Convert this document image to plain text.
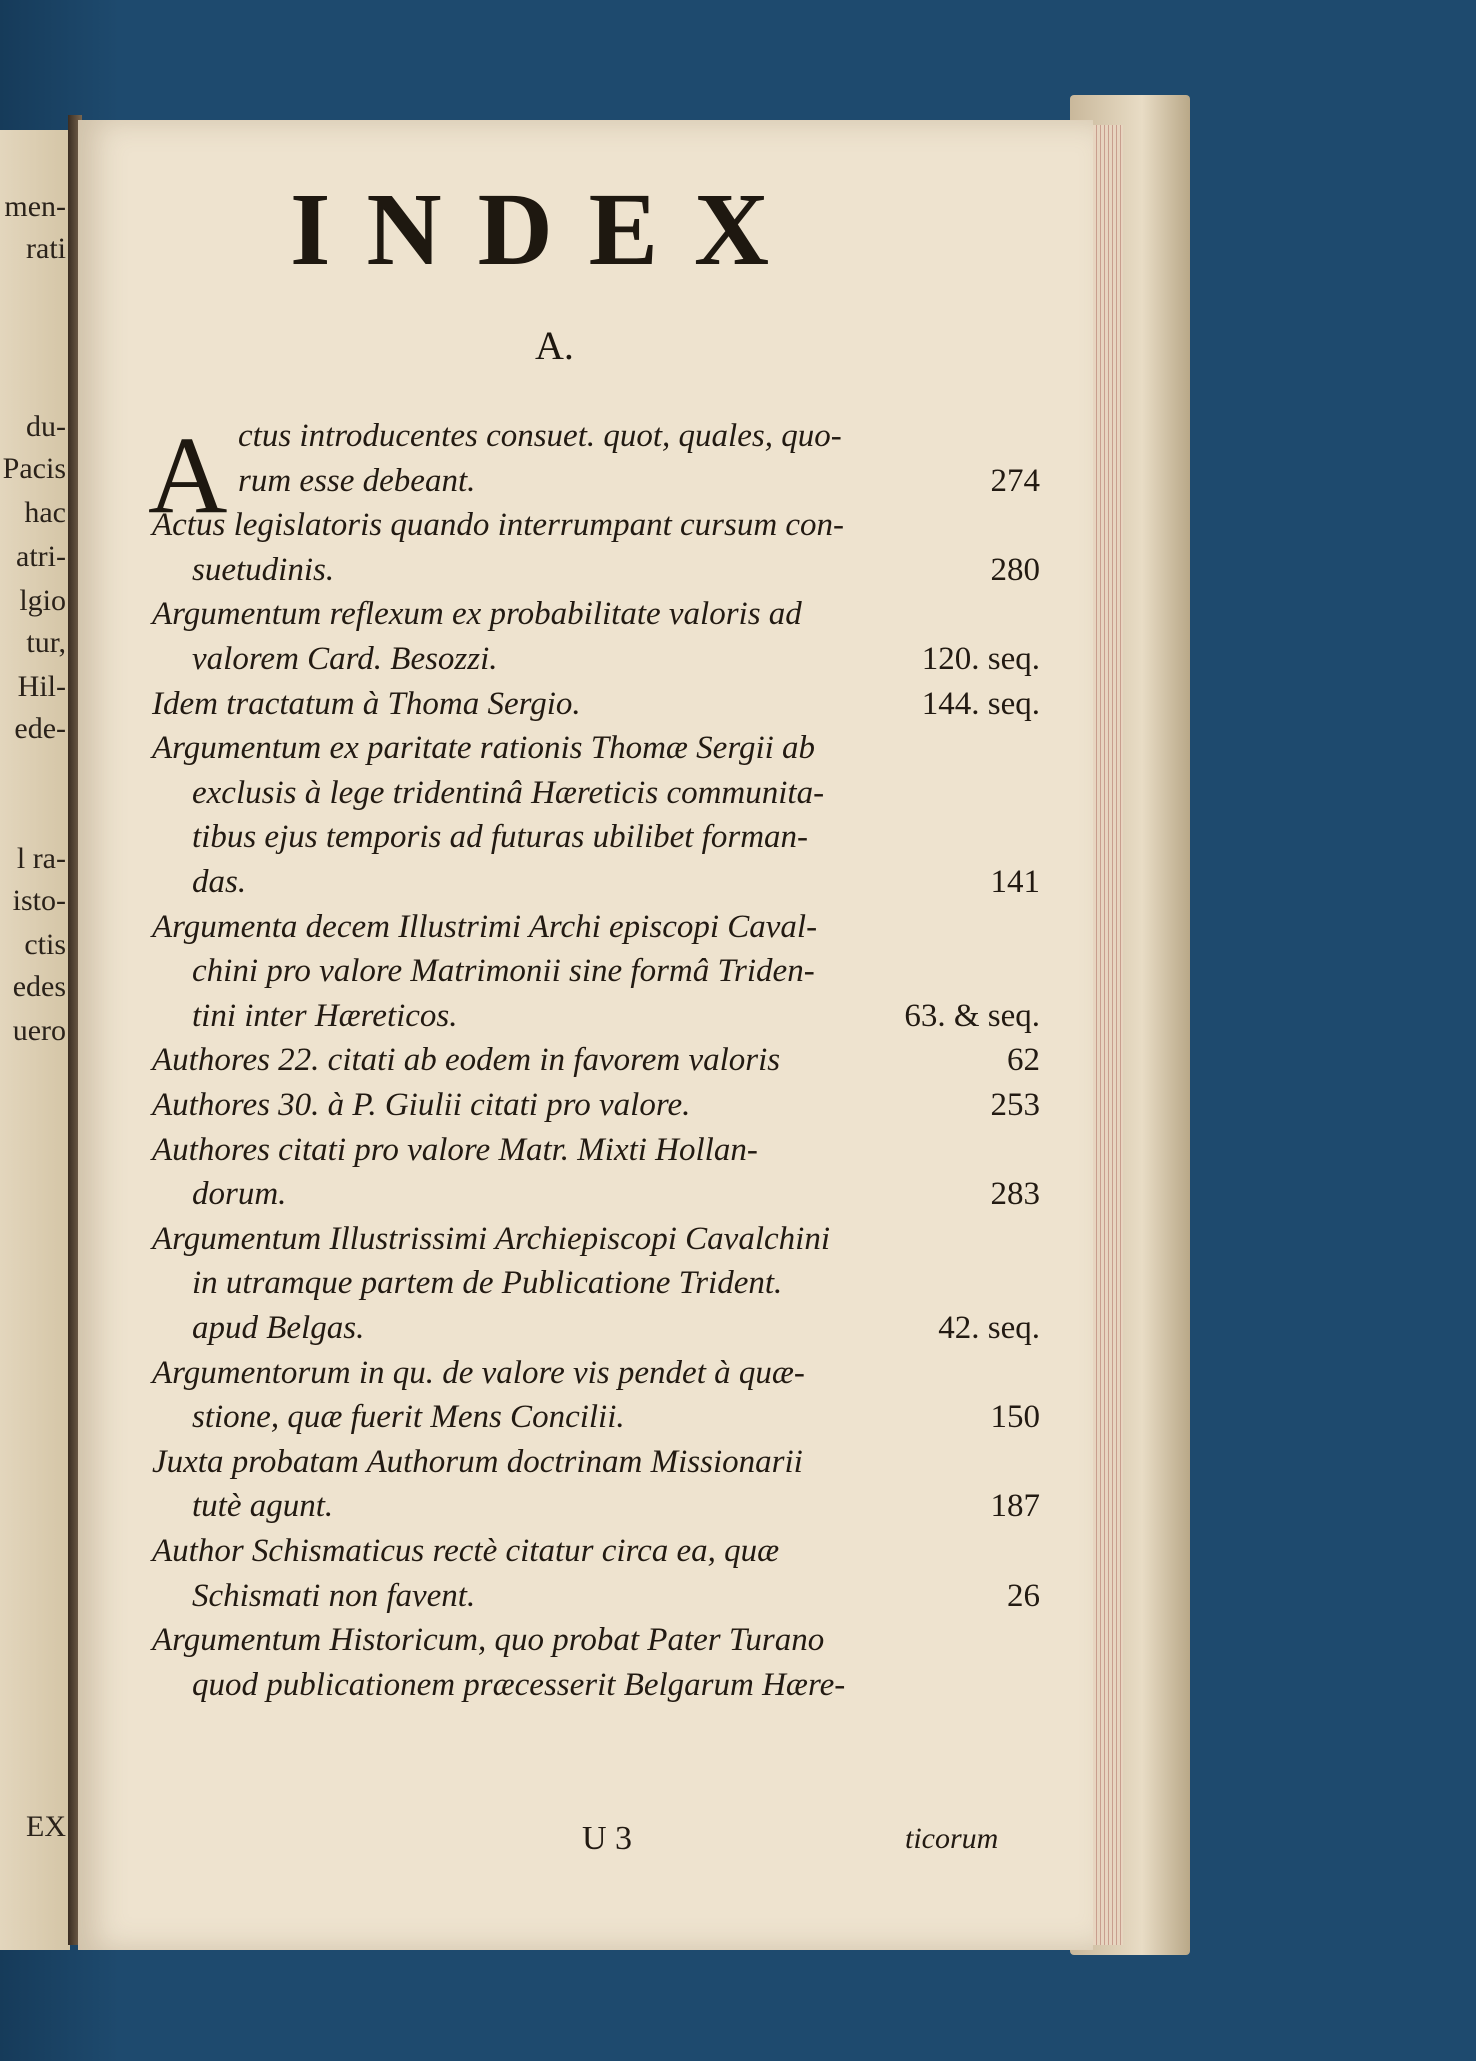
men-
rati
du-
Pacis
hac
atri-
lgio
tur,
Hil-
ede-
l ra-
isto-
ctis
edes
uero
EX
INDEX
A.
A ctus introducentes consuet. quot, quales, quo-
rum esse debeant.	274
Actus legislatoris quando interrumpant cursum con-
suetudinis.	280
Argumentum reflexum ex probabilitate valoris ad
valorem Card. Besozzi.	120. seq.
Idem tractatum à Thoma Sergio.	144. seq.
Argumentum ex paritate rationis Thomæ Sergii ab
exclusis à lege tridentinâ Hæreticis communita-
tibus ejus temporis ad futuras ubilibet forman-
das.	141
Argumenta decem Illustrimi Archi episcopi Caval-
chini pro valore Matrimonii sine formâ Triden-
tini inter Hæreticos.	63. & seq.
Authores 22. citati ab eodem in favorem valoris	62
Authores 30. à P. Giulii citati pro valore.	253
Authores citati pro valore Matr. Mixti Hollan-
dorum.	283
Argumentum Illustrissimi Archiepiscopi Cavalchini
in utramque partem de Publicatione Trident.
apud Belgas.	42. seq.
Argumentorum in qu. de valore vis pendet à quæ-
stione, quæ fuerit Mens Concilii.	150
Juxta probatam Authorum doctrinam Missionarii
tutè agunt.	187
Author Schismaticus rectè citatur circa ea, quæ
Schismati non favent.	26
Argumentum Historicum, quo probat Pater Turano
quod publicationem præcesserit Belgarum Hære-
U 3	ticorum
